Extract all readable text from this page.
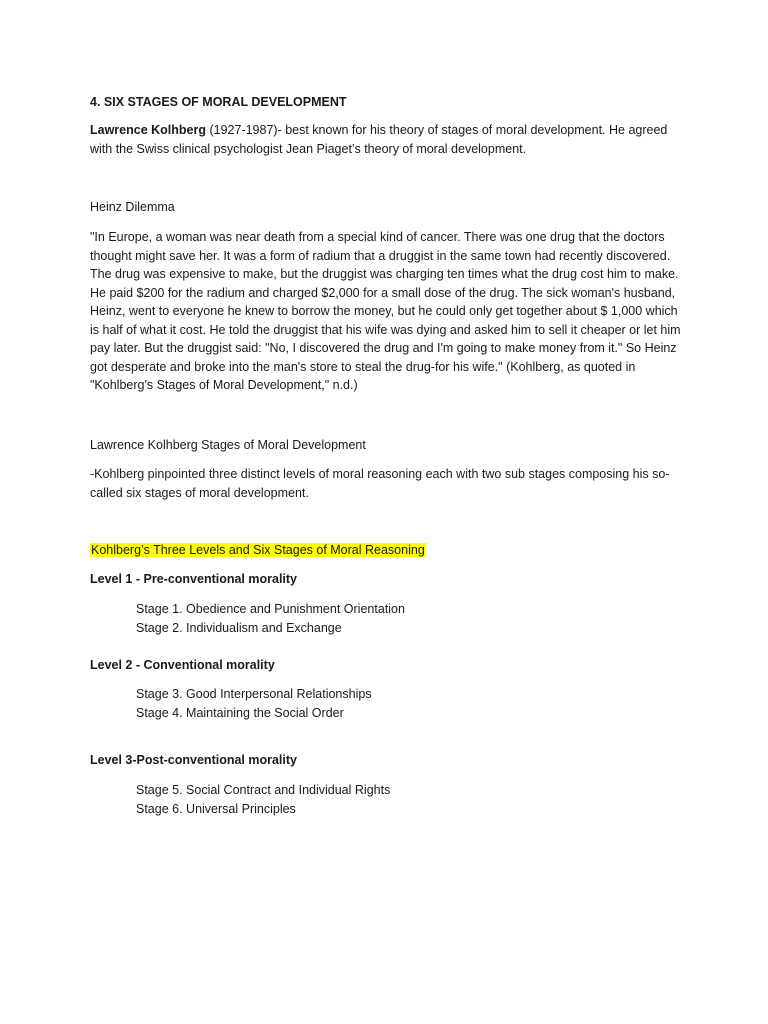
4. SIX STAGES OF MORAL DEVELOPMENT

Lawrence Kolhberg (1927-1987)- best known for his theory of stages of moral development. He agreed with the Swiss clinical psychologist Jean Piaget’s theory of moral development.

Heinz Dilemma

"In Europe, a woman was near death from a special kind of cancer. There was one drug that the doctors thought might save her. It was a form of radium that a druggist in the same town had recently discovered. The drug was expensive to make, but the druggist was charging ten times what the drug cost him to make. He paid $200 for the radium and charged $2,000 for a small dose of the drug. The sick woman's husband, Heinz, went to everyone he knew to borrow the money, but he could only get together about $ 1,000 which is half of what it cost. He told the druggist that his wife was dying and asked him to sell it cheaper or let him pay later. But the druggist said: "No, I discovered the drug and I'm going to make money from it." So Heinz got desperate and broke into the man's store to steal the drug-for his wife." (Kohlberg, as quoted in "Kohlberg's Stages of Moral Development," n.d.)

Lawrence Kolhberg Stages of Moral Development

-Kohlberg pinpointed three distinct levels of moral reasoning each with two sub stages composing his so-called six stages of moral development.

Kohlberg’s Three Levels and Six Stages of Moral Reasoning

Level 1 - Pre-conventional morality

Stage 1. Obedience and Punishment Orientation

Stage 2. Individualism and Exchange

Level 2 - Conventional morality

Stage 3. Good Interpersonal Relationships

Stage 4. Maintaining the Social Order

Level 3-Post-conventional morality

Stage 5. Social Contract and Individual Rights

Stage 6. Universal Principles
